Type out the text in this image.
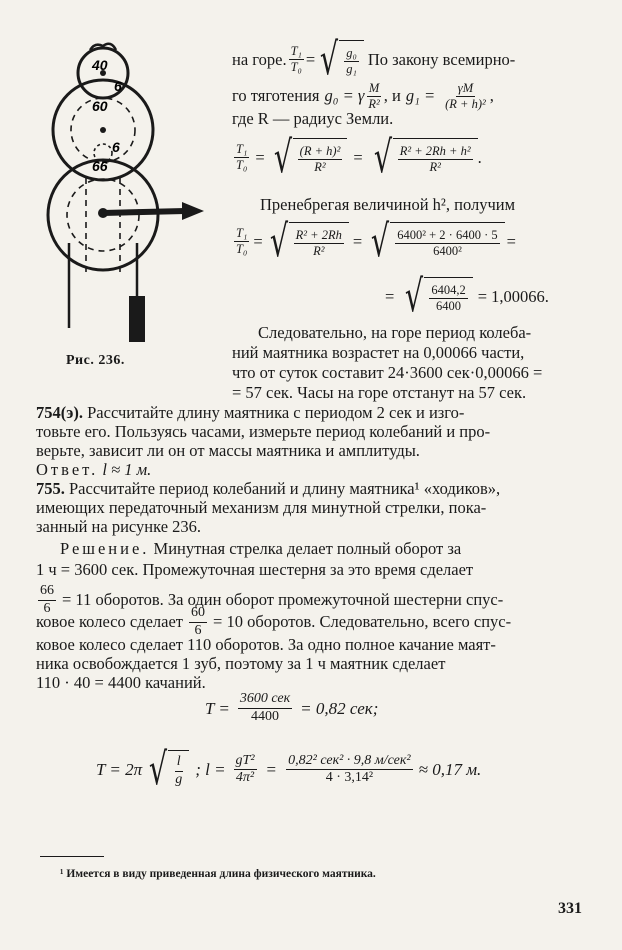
40
6
60
6
66
Рис. 236.
на горе. $\frac{\text{T₁}}{\text{T₀}}$ = √ $\frac{\text{g₀}}{\text{g₁}}$ По закону всемирно-
го тяготения g₀ = γ $\frac{M}{\text{R²}}$ , и $g_1 = \frac{\gamma M}{\text{(R + h)²}}$ ,
где R — радиус Земли.
$\frac{\text{T₁}}{\text{T₀}}$ = √ $\frac{\text{(R + h)²}}{\text{R²}}$ = √ $\frac{\text{R² + 2Rh + h²}}{\text{R²}}$ .
Пренебрегая величиной h², получим
$\frac{\text{T₁}}{\text{T₀}}$ = √ $\frac{\text{R² + 2Rh}}{\text{R²}}$ = √ $\frac{\text{6400² + 2 · 6400 · 5}}{\text{6400²}}$ =
= √ $\frac{6404,2}{6400} = 1,00066$.
Следовательно, на горе период колеба-
ний маятника возрастет на 0,00066 части,
что от суток составит 24·3600 сек·0,00066 =
= 57 сек. Часы на горе отстанут на 57 сек.
754(э). Рассчитайте длину маятника с периодом 2 сек и изго-
товьте его. Пользуясь часами, измерьте период колебаний и про-
верьте, зависит ли он от массы маятника и амплитуды.
Ответ. l ≈ 1 м.
755. Рассчитайте период колебаний и длину маятника¹ «ходиков»,
имеющих передаточный механизм для минутной стрелки, пока-
занный на рисунке 236.
Решение. Минутная стрелка делает полный оборот за
1 ч = 3600 сек. Промежуточная шестерня за это время сделает
$\frac{66}{6} = 11$ оборотов. За один оборот промежуточной шестерни спус-
ковое колесо сделает $\frac{60}{6} = 10$ оборотов. Следовательно, всего спус-
ковое колесо сделает 110 оборотов. За одно полное качание маят-
ника освобождается 1 зуб, поэтому за 1 ч маятник сделает
110 · 40 = 4400 качаний.
$T = \frac{\text{3600 сек}}{4400} = 0,82$ сек;
T = 2π √ $\frac{l}{g}$ ; $l = \frac{\text{gT²}}{\text{4π²}} = \frac{\text{0,82² сек² · 9,8 м/сек²}}{\text{4 · 3,14²}} \approx 0,17$ м.
¹ Имеется в виду приведенная длина физического маятника.
331
